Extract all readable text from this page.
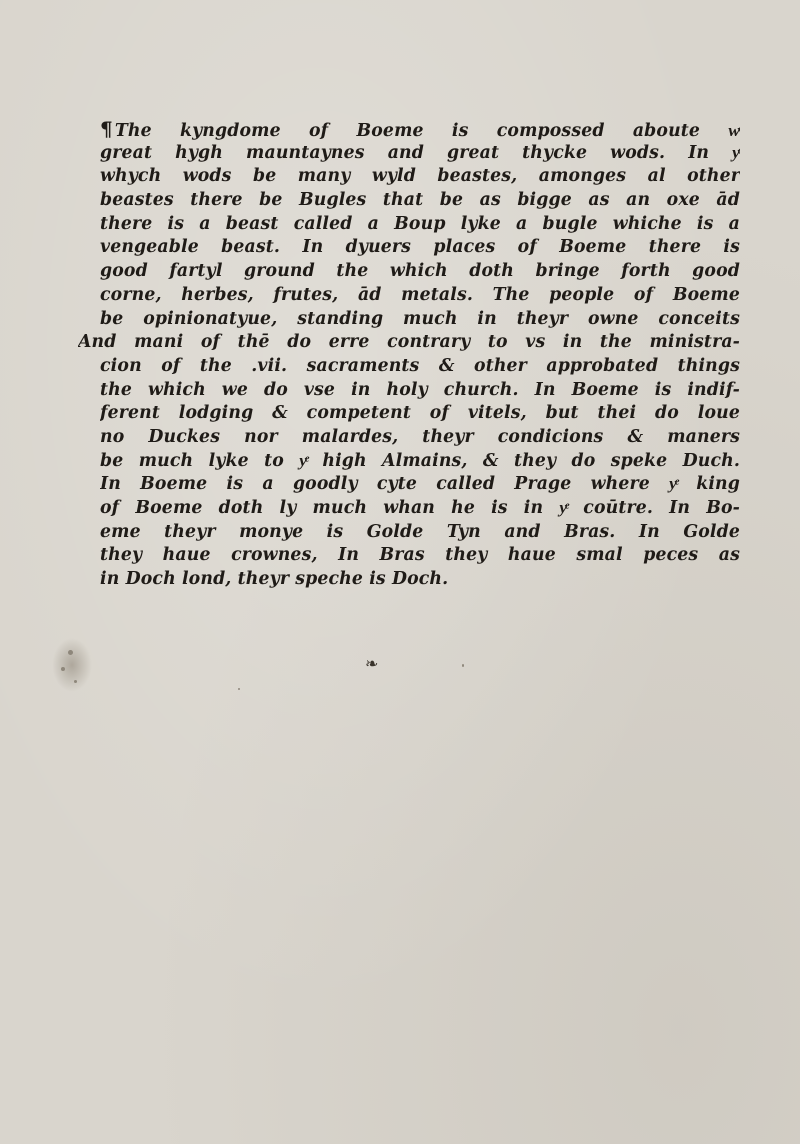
¶ The kyngdome of Boeme is compossed aboute wͭ
great hygh mauntaynes and great thycke wods. In yͤ
whych wods be many wyld beastes, amonges al other
beastes there be Bugles that be as bigge as an oxe ād
there is a beast called a Boup lyke a bugle whiche is a
vengeable beast. In dyuers places of Boeme there is
good fartyl ground the which doth bringe forth good
corne, herbes, frutes, ād metals. The people of Boeme
be opinionatyue, standing much in theyr owne conceits
And mani of thē do erre contrary to vs in the ministra-
cion of the .vii. sacraments & other approbated things
the which we do vse in holy church. In Boeme is indif-
ferent lodging & competent of vitels, but thei do loue
no Duckes nor malardes, theyr condicions & maners
be much lyke to yͤ high Almains, & they do speke Duch.
In Boeme is a goodly cyte called Prage where yͤ king
of Boeme doth ly much whan he is in yͤ coūtre. In Bo-
eme theyr monye is Golde Tyn and Bras. In Golde
they haue crownes, In Bras they haue smal peces as
in Doch lond, theyr speche is Doch.
❧
